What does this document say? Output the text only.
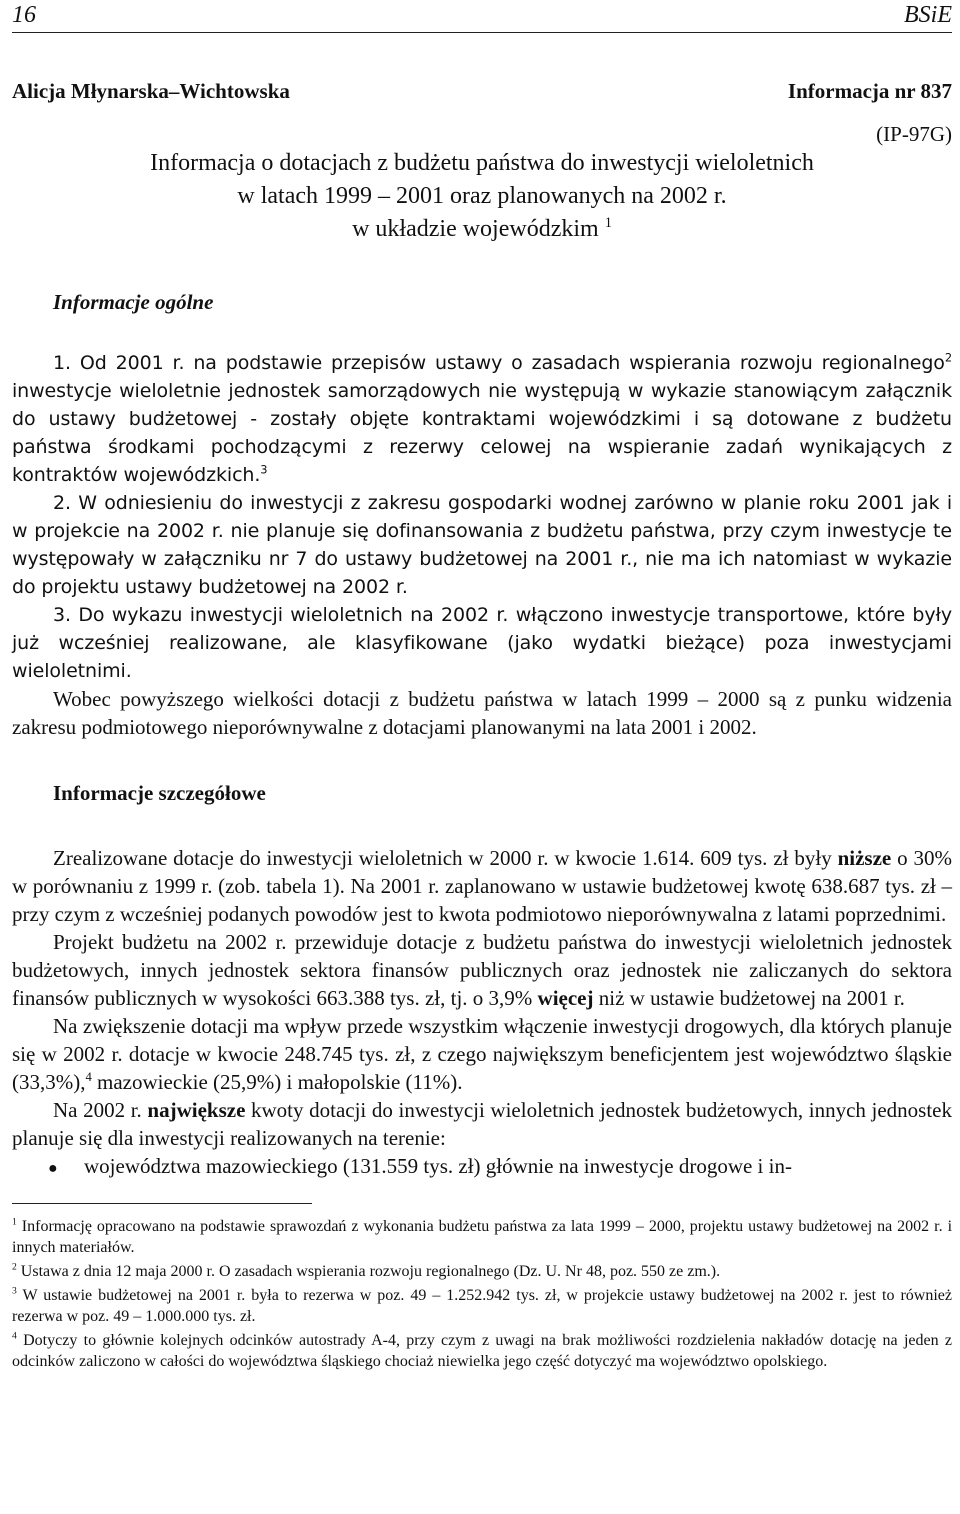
16	BSiE
Alicja Młynarska–Wichtowska	Informacja nr 837
(IP-97G)
Informacja o dotacjach z budżetu państwa do inwestycji wieloletnich
w latach 1999 – 2001 oraz planowanych na 2002 r.
w układzie wojewódzkim $^1$
Informacje ogólne

1. Od 2001 r. na podstawie przepisów ustawy o zasadach wspierania rozwoju regionalnego$^2$ inwestycje wieloletnie jednostek samorządowych nie występują w wykazie stanowiącym załącznik do ustawy budżetowej - zostały objęte kontraktami wojewódzkimi i są dotowane z budżetu państwa środkami pochodzącymi z rezerwy celowej na wspieranie zadań wynikających z kontraktów wojewódzkich.$^3$

2. W odniesieniu do inwestycji z zakresu gospodarki wodnej zarówno w planie roku 2001 jak i w projekcie na 2002 r. nie planuje się dofinansowania z budżetu państwa, przy czym inwestycje te występowały w załączniku nr 7 do ustawy budżetowej na 2001 r., nie ma ich natomiast w wykazie do projektu ustawy budżetowej na 2002 r.

3. Do wykazu inwestycji wieloletnich na 2002 r. włączono inwestycje transportowe, które były już wcześniej realizowane, ale klasyfikowane (jako wydatki bieżące) poza inwestycjami wieloletnimi.

Wobec powyższego wielkości dotacji z budżetu państwa w latach 1999 – 2000 są z punku widzenia zakresu podmiotowego nieporównywalne z dotacjami planowanymi na lata 2001 i 2002.

Informacje szczegółowe

Zrealizowane dotacje do inwestycji wieloletnich w 2000 r. w kwocie 1.614. 609 tys. zł były niższe o 30% w porównaniu z 1999 r. (zob. tabela 1). Na 2001 r. zaplanowano w ustawie budżetowej kwotę 638.687 tys. zł – przy czym z wcześniej podanych powodów jest to kwota podmiotowo nieporównywalna z latami poprzednimi.

Projekt budżetu na 2002 r. przewiduje dotacje z budżetu państwa do inwestycji wieloletnich jednostek budżetowych, innych jednostek sektora finansów publicznych oraz jednostek nie zaliczanych do sektora finansów publicznych w wysokości 663.388 tys. zł, tj. o 3,9% więcej niż w ustawie budżetowej na 2001 r.

Na zwiększenie dotacji ma wpływ przede wszystkim włączenie inwestycji drogowych, dla których planuje się w 2002 r. dotacje w kwocie 248.745 tys. zł, z czego największym beneficjentem jest województwo śląskie (33,3%),$^4$ mazowieckie (25,9%) i małopolskie (11%).

Na 2002 r. największe kwoty dotacji do inwestycji wieloletnich jednostek budżetowych, innych jednostek planuje się dla inwestycji realizowanych na terenie:

●	województwa mazowieckiego (131.559 tys. zł) głównie na inwestycje drogowe i in-

$^1$ Informację opracowano na podstawie sprawozdań z wykonania budżetu państwa za lata 1999 – 2000, projektu ustawy budżetowej na 2002 r. i innych materiałów.

$^2$ Ustawa z dnia 12 maja 2000 r. O zasadach wspierania rozwoju regionalnego (Dz. U. Nr 48, poz. 550 ze zm.).

$^3$ W ustawie budżetowej na 2001 r. była to rezerwa w poz. 49 – 1.252.942 tys. zł, w projekcie ustawy budżetowej na 2002 r. jest to również rezerwa w poz. 49 – 1.000.000 tys. zł.

$^4$ Dotyczy to głównie kolejnych odcinków autostrady A-4, przy czym z uwagi na brak możliwości rozdzielenia nakładów dotację na jeden z odcinków zaliczono w całości do województwa śląskiego chociaż niewielka jego część dotyczyć ma województwo opolskiego.
